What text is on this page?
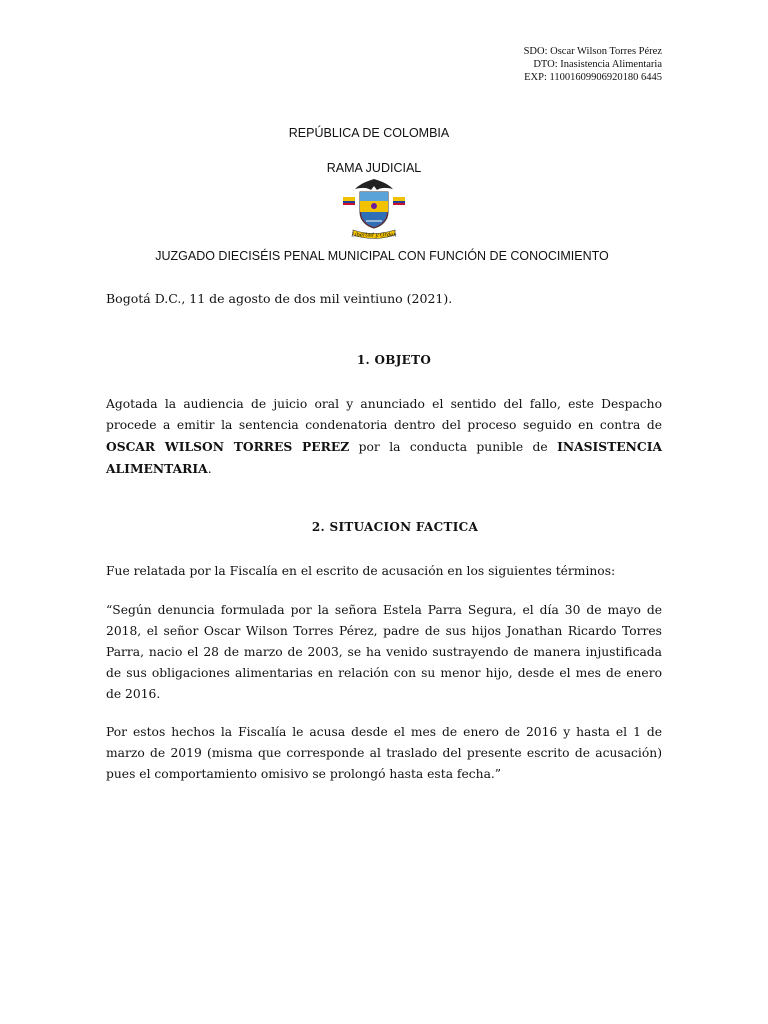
SDO: Oscar Wilson Torres Pérez
DTO: Inasistencia Alimentaria
EXP: 11001609906920180 6445
REPÚBLICA DE COLOMBIA
RAMA JUDICIAL
Libertad y Orden
JUZGADO DIECISÉIS PENAL MUNICIPAL CON FUNCIÓN DE CONOCIMIENTO
Bogotá D.C., 11 de agosto de dos mil veintiuno (2021).
1. OBJETO
Agotada la audiencia de juicio oral y anunciado el sentido del fallo, este Despacho procede a emitir la sentencia condenatoria dentro del proceso seguido en contra de OSCAR WILSON TORRES PEREZ por la conducta punible de INASISTENCIA ALIMENTARIA.
2. SITUACION FACTICA
Fue relatada por la Fiscalía en el escrito de acusación en los siguientes términos:
“Según denuncia formulada por la señora Estela Parra Segura, el día 30 de mayo de 2018, el señor Oscar Wilson Torres Pérez, padre de sus hijos Jonathan Ricardo Torres Parra, nacio el 28 de marzo de 2003, se ha venido sustrayendo de manera injustificada de sus obligaciones alimentarias en relación con su menor hijo, desde el mes de enero de 2016.
Por estos hechos la Fiscalía le acusa desde el mes de enero de 2016 y hasta el 1 de marzo de 2019 (misma que corresponde al traslado del presente escrito de acusación) pues el comportamiento omisivo se prolongó hasta esta fecha.”
